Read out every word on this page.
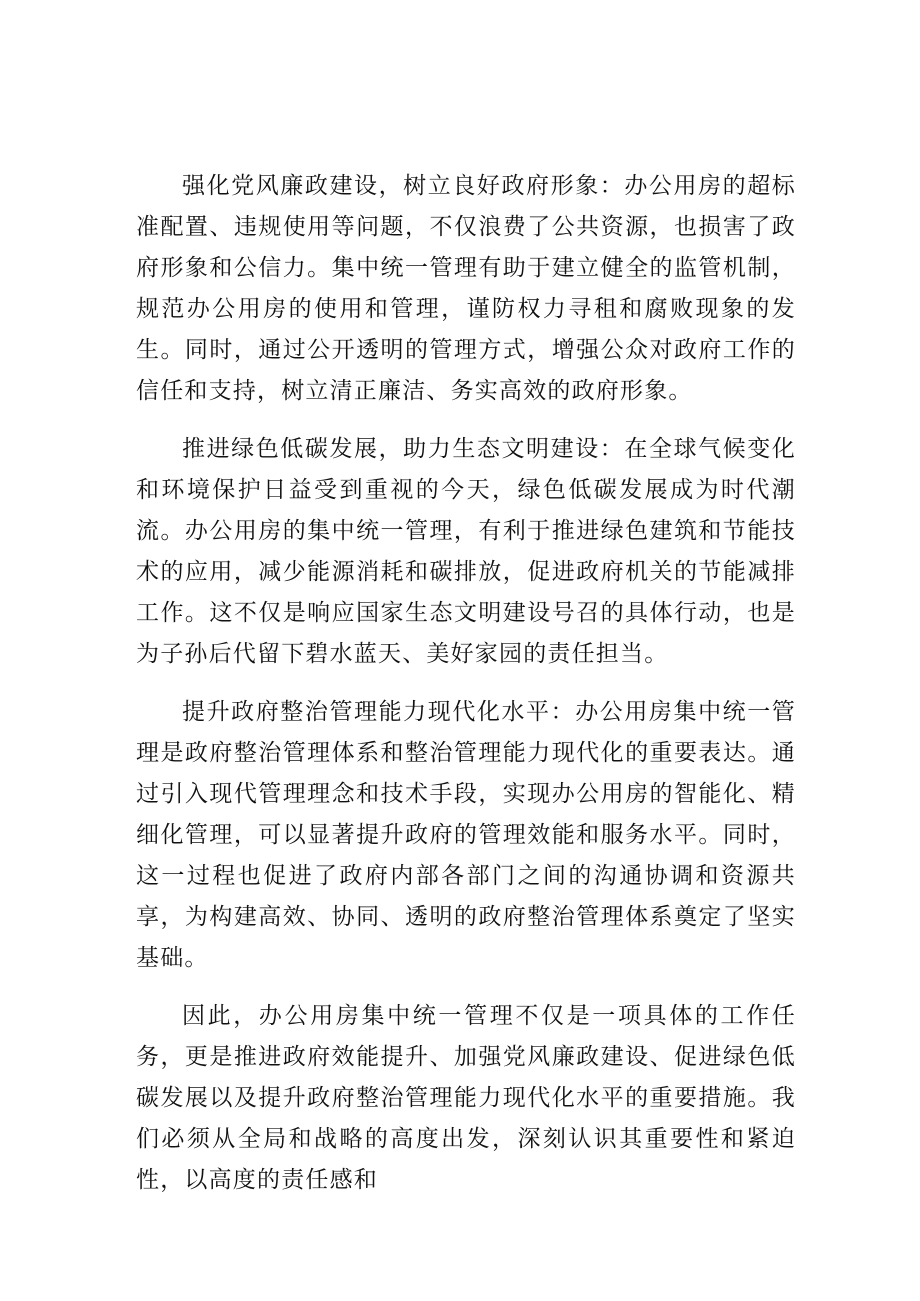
强化党风廉政建设，树立良好政府形象：办公用房的超标准配置、违规使用等问题，不仅浪费了公共资源，也损害了政府形象和公信力。集中统一管理有助于建立健全的监管机制，规范办公用房的使用和管理，谨防权力寻租和腐败现象的发生。同时，通过公开透明的管理方式，增强公众对政府工作的信任和支持，树立清正廉洁、务实高效的政府形象。

推进绿色低碳发展，助力生态文明建设：在全球气候变化和环境保护日益受到重视的今天，绿色低碳发展成为时代潮流。办公用房的集中统一管理，有利于推进绿色建筑和节能技术的应用，减少能源消耗和碳排放，促进政府机关的节能减排工作。这不仅是响应国家生态文明建设号召的具体行动，也是为子孙后代留下碧水蓝天、美好家园的责任担当。

提升政府整治管理能力现代化水平：办公用房集中统一管理是政府整治管理体系和整治管理能力现代化的重要表达。通过引入现代管理理念和技术手段，实现办公用房的智能化、精细化管理，可以显著提升政府的管理效能和服务水平。同时，这一过程也促进了政府内部各部门之间的沟通协调和资源共享，为构建高效、协同、透明的政府整治管理体系奠定了坚实基础。

因此，办公用房集中统一管理不仅是一项具体的工作任务，更是推进政府效能提升、加强党风廉政建设、促进绿色低碳发展以及提升政府整治管理能力现代化水平的重要措施。我们必须从全局和战略的高度出发，深刻认识其重要性和紧迫性，以高度的责任感和
